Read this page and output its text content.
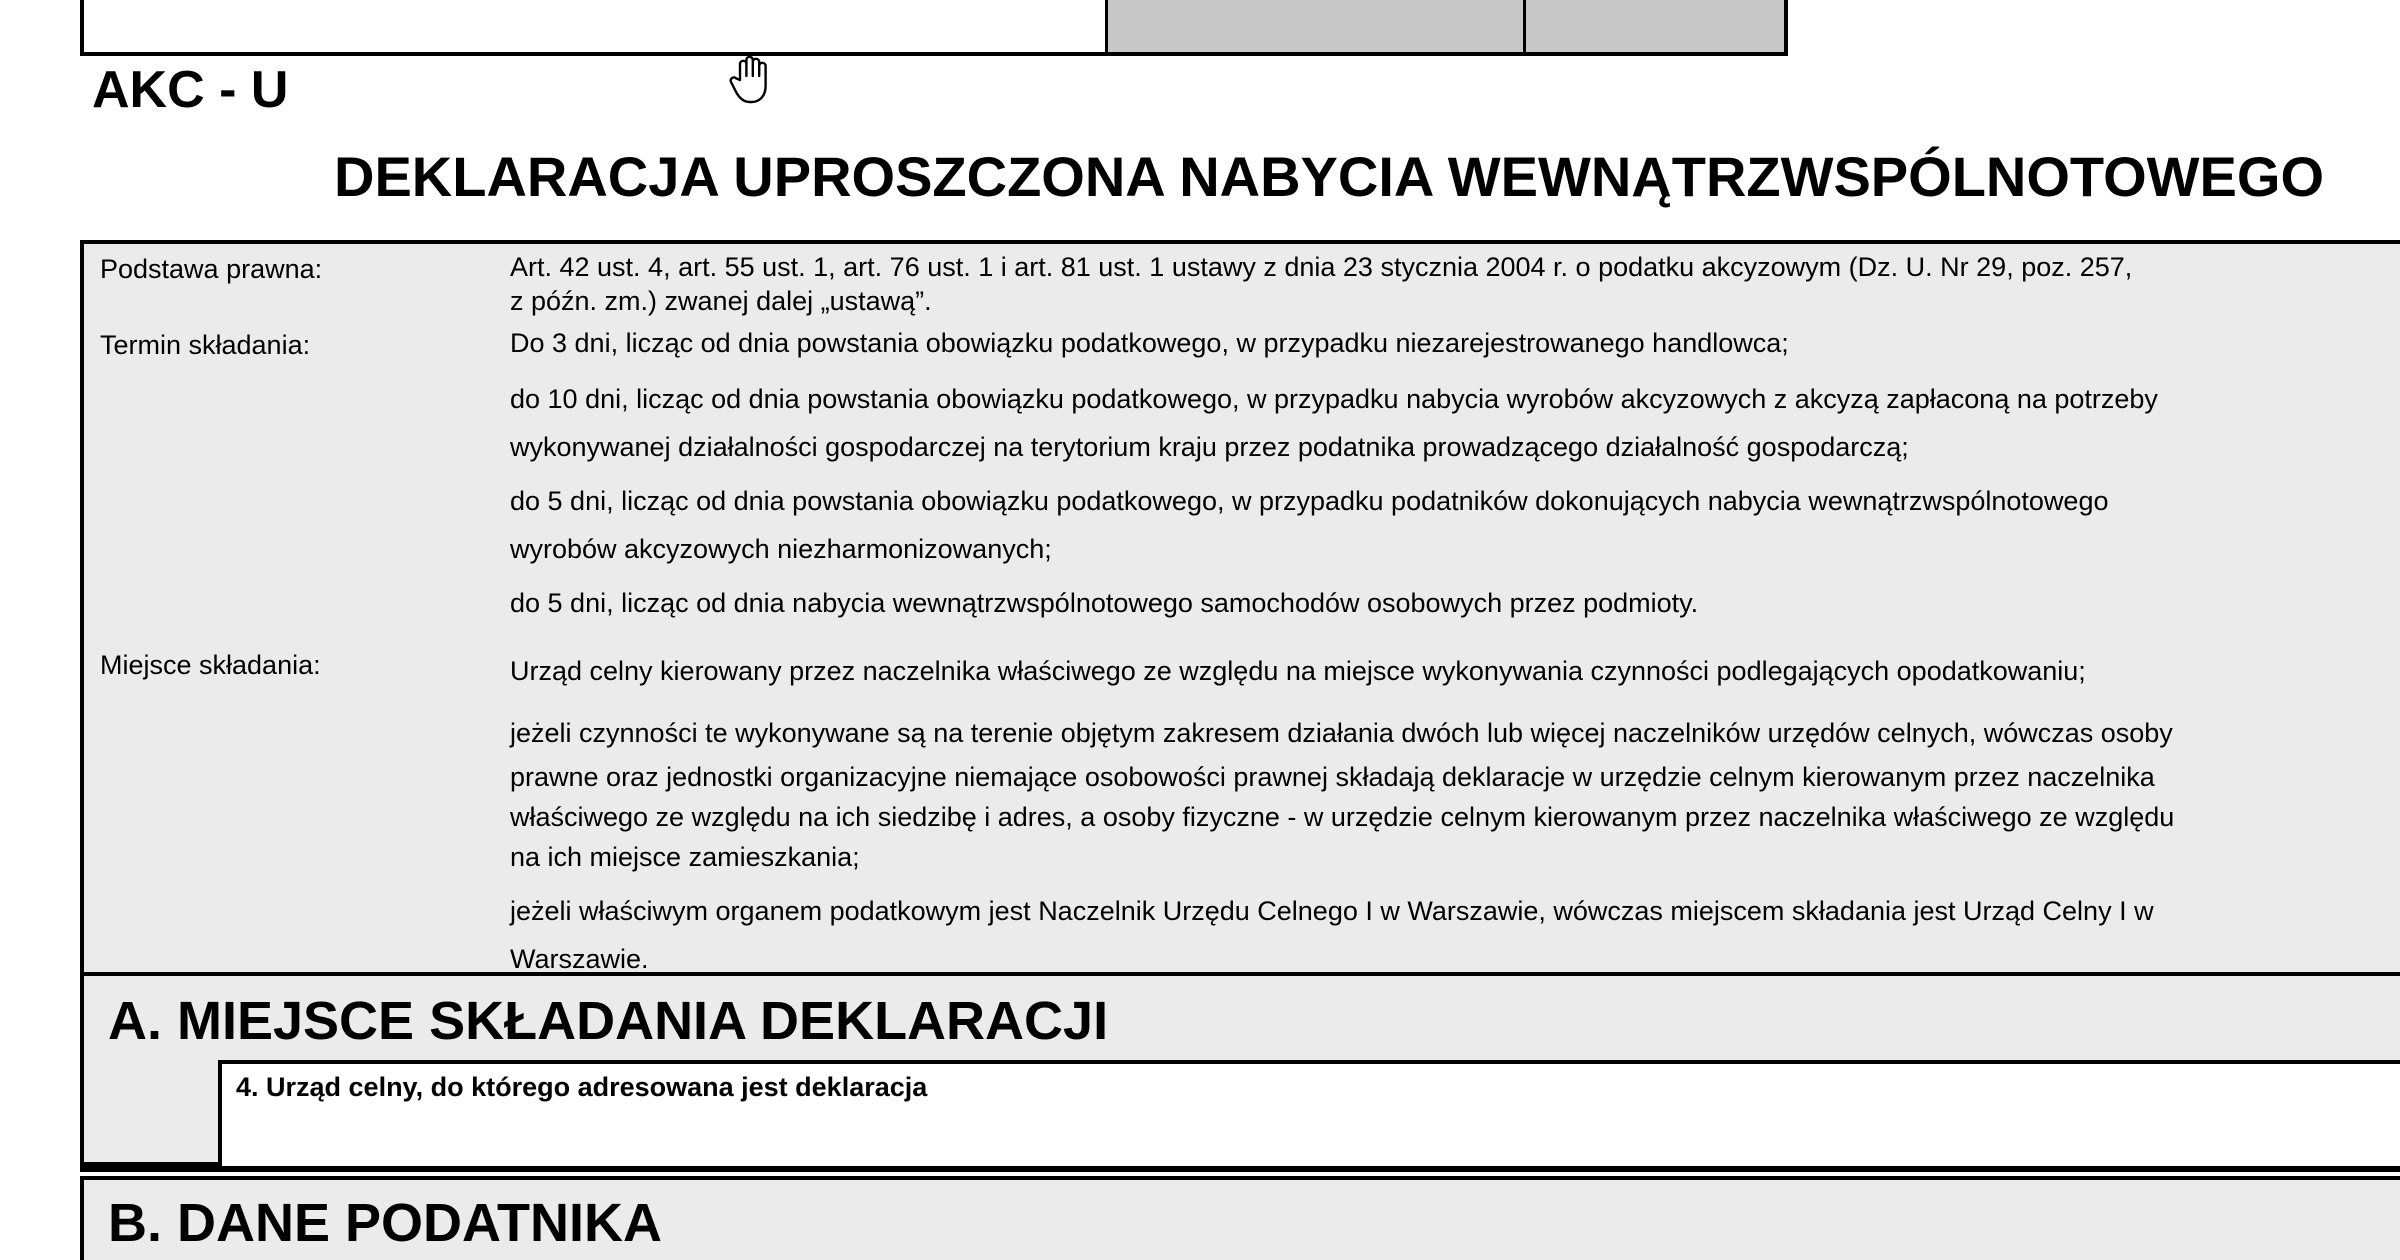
AKC - U
DEKLARACJA UPROSZCZONA NABYCIA WEWNĄTRZWSPÓLNOTOWEGO
Podstawa prawna:	Art. 42 ust. 4, art. 55 ust. 1, art. 76 ust. 1 i art. 81 ust. 1 ustawy z dnia 23 stycznia 2004 r. o podatku akcyzowym (Dz. U. Nr 29, poz. 257,
z późn. zm.) zwanej dalej „ustawą”.
Termin składania:	Do 3 dni, licząc od dnia powstania obowiązku podatkowego, w przypadku niezarejestrowanego handlowca;
do 10 dni, licząc od dnia powstania obowiązku podatkowego, w przypadku nabycia wyrobów akcyzowych z akcyzą zapłaconą na potrzeby
wykonywanej działalności gospodarczej na terytorium kraju przez podatnika prowadzącego działalność gospodarczą;
do 5 dni, licząc od dnia powstania obowiązku podatkowego, w przypadku podatników dokonujących nabycia wewnątrzwspólnotowego
wyrobów akcyzowych niezharmonizowanych;
do 5 dni, licząc od dnia nabycia wewnątrzwspólnotowego samochodów osobowych przez podmioty.
Miejsce składania:	Urząd celny kierowany przez naczelnika właściwego ze względu na miejsce wykonywania czynności podlegających opodatkowaniu;
jeżeli czynności te wykonywane są na terenie objętym zakresem działania dwóch lub więcej naczelników urzędów celnych, wówczas osoby
prawne oraz jednostki organizacyjne niemające osobowości prawnej składają deklaracje w urzędzie celnym kierowanym przez naczelnika
właściwego ze względu na ich siedzibę i adres, a osoby fizyczne - w urzędzie celnym kierowanym przez naczelnika właściwego ze względu
na ich miejsce zamieszkania;
jeżeli właściwym organem podatkowym jest Naczelnik Urzędu Celnego I w Warszawie, wówczas miejscem składania jest Urząd Celny I w
Warszawie.
A. MIEJSCE SKŁADANIA DEKLARACJI
4. Urząd celny, do którego adresowana jest deklaracja
B. DANE PODATNIKA
